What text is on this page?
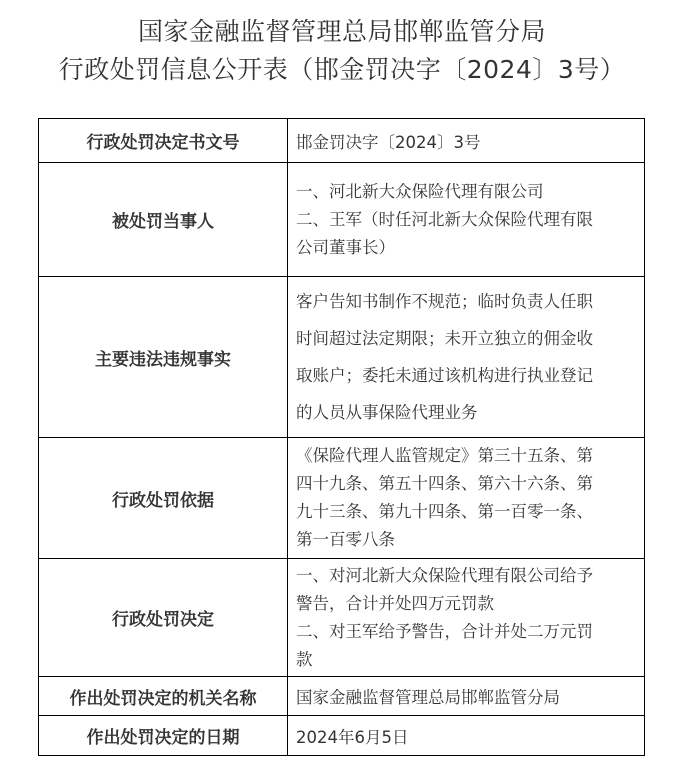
国家金融监督管理总局邯郸监管分局
行政处罚信息公开表（邯金罚决字〔2024〕3号）
行政处罚决定书文号	邯金罚决字〔2024〕3号
被处罚当事人	一、河北新大众保险代理有限公司
二、王军（时任河北新大众保险代理有限
公司董事长）

主要违法违规事实	客户告知书制作不规范；临时负责人任职
时间超过法定期限；未开立独立的佣金收
取账户；委托未通过该机构进行执业登记
的人员从事保险代理业务

行政处罚依据	《保险代理人监管规定》第三十五条、第
四十九条、第五十四条、第六十六条、第
九十三条、第九十四条、第一百零一条、
第一百零八条

行政处罚决定	一、对河北新大众保险代理有限公司给予
警告，合计并处四万元罚款
二、对王军给予警告，合计并处二万元罚
款

作出处罚决定的机关名称	国家金融监督管理总局邯郸监管分局
作出处罚决定的日期	2024年6月5日
